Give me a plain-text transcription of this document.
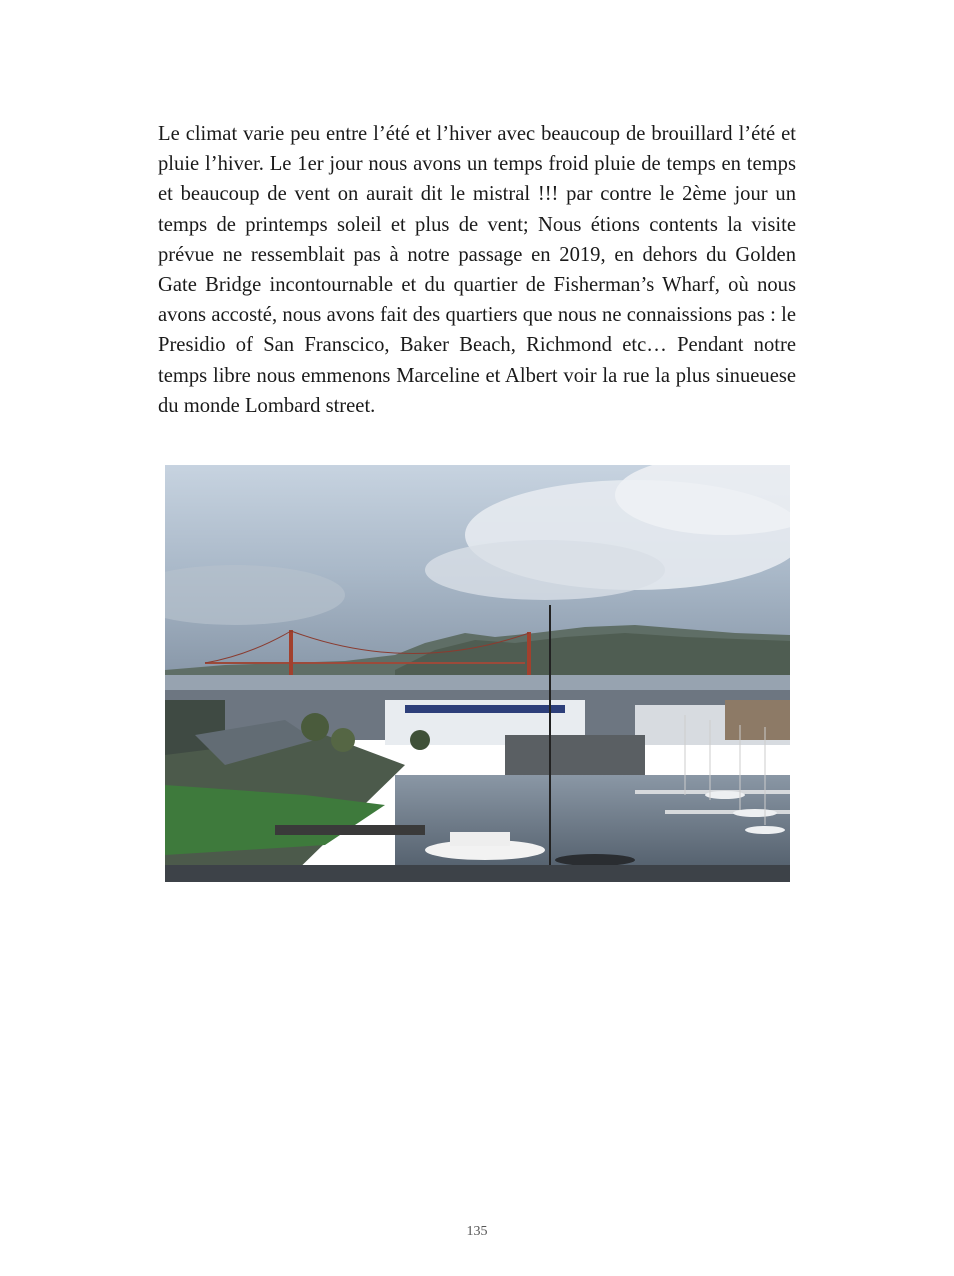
Le climat varie peu entre l’été et l’hiver avec beaucoup de brouillard l’été et pluie l’hiver. Le 1er jour nous avons un temps froid pluie de temps en temps et beaucoup de vent on aurait dit le mistral !!! par contre le 2ème jour un temps de printemps soleil et plus de vent; Nous étions contents la visite prévue ne ressemblait pas à notre passage en 2019, en dehors du Golden Gate Bridge incontournable et du quartier de Fisherman’s Wharf, où nous avons accosté, nous avons fait des quartiers que nous ne connaissions pas : le Presidio of San Franscico, Baker Beach, Richmond etc… Pendant notre temps libre nous emmenons Marceline et Albert voir la rue la plus sinueuese du monde Lombard street.

135
